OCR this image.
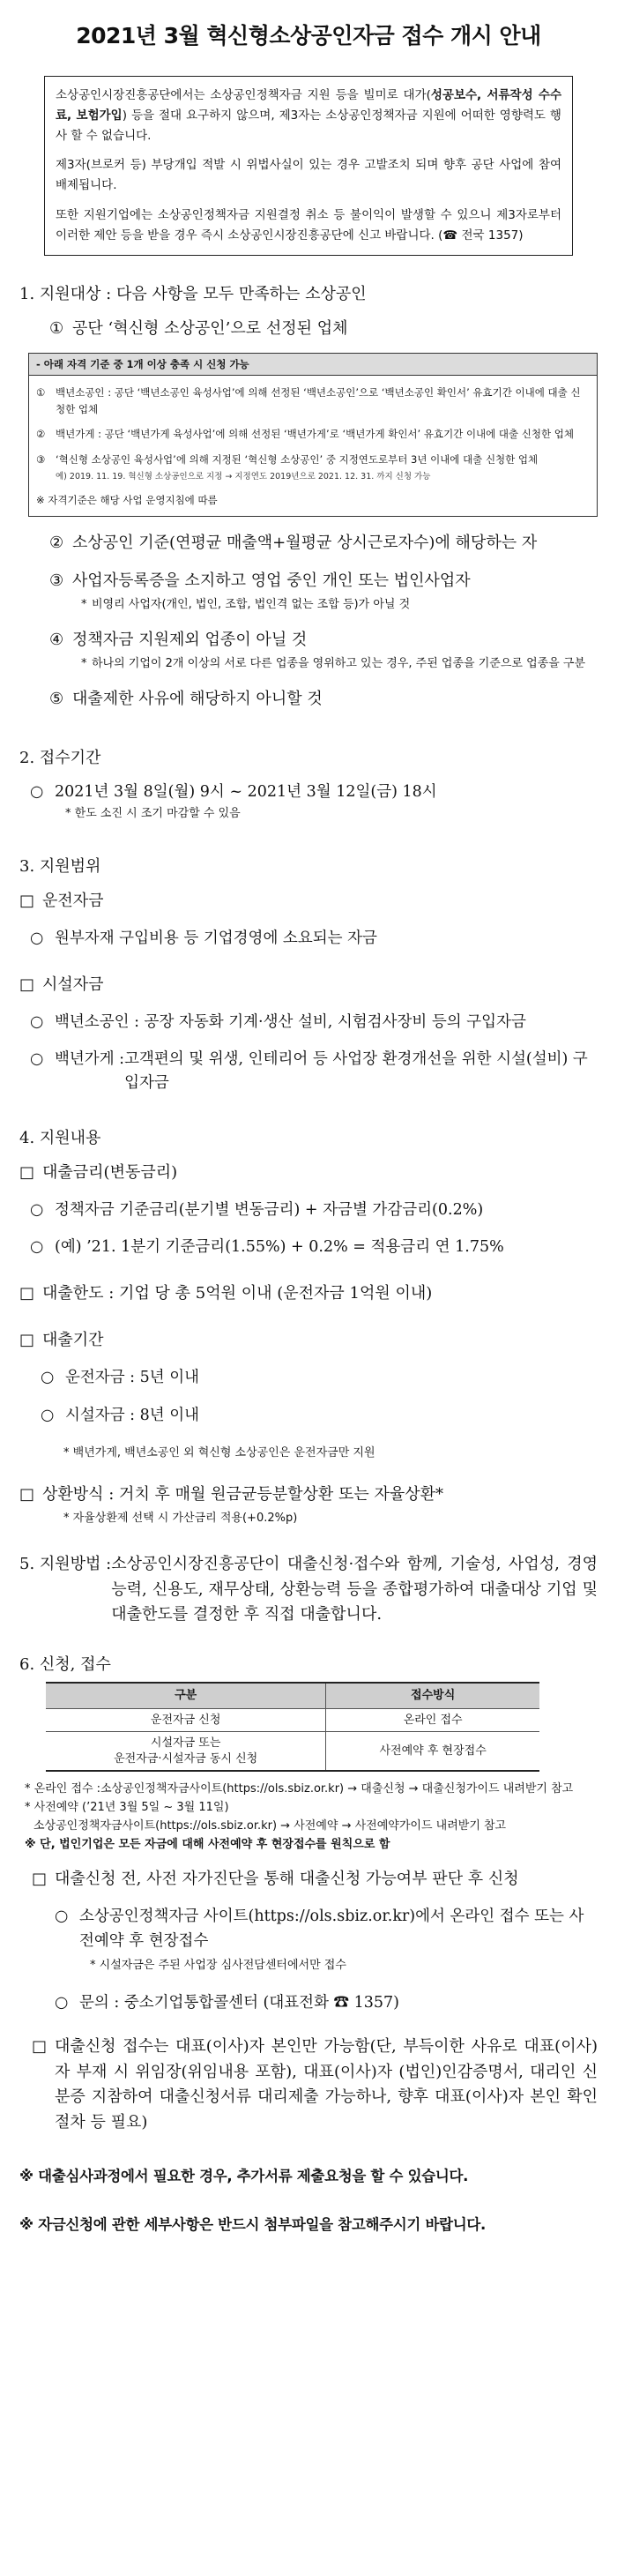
2021년 3월 혁신형소상공인자금 접수 개시 안내

소상공인시장진흥공단에서는 소상공인정책자금 지원 등을 빌미로 대가(성공보수, 서류작성 수수료, 보험가입) 등을 절대 요구하지 않으며, 제3자는 소상공인정책자금 지원에 어떠한 영향력도 행사 할 수 없습니다.

제3자(브로커 등) 부당개입 적발 시 위법사실이 있는 경우 고발조치 되며 향후 공단 사업에 참여 배제됩니다.

또한 지원기업에는 소상공인정책자금 지원결정 취소 등 불이익이 발생할 수 있으니 제3자로부터 이러한 제안 등을 받을 경우 즉시 소상공인시장진흥공단에 신고 바랍니다. (☎ 전국 1357)

1. 지원대상 : 다음 사항을 모두 만족하는 소상공인
① 공단 ‘혁신형 소상공인’으로 선정된 업체
- 아래 자격 기준 중 1개 이상 충족 시 신청 가능
①	백년소공인 : 공단 ‘백년소공인 육성사업’에 의해 선정된 ‘백년소공인’으로 ‘백년소공인 확인서’ 유효기간 이내에 대출 신청한 업체
②	백년가게 : 공단 ‘백년가게 육성사업’에 의해 선정된 ‘백년가게’로 ‘백년가게 확인서’ 유효기간 이내에 대출 신청한 업체
③	‘혁신형 소상공인 육성사업’에 의해 지정된 ‘혁신형 소상공인’ 중 지정연도로부터 3년 이내에 대출 신청한 업체
예) 2019. 11. 19. 혁신형 소상공인으로 지정 → 지정연도 2019년으로 2021. 12. 31. 까지 신청 가능
※ 자격기준은 해당 사업 운영지침에 따름
② 소상공인 기준(연평균 매출액+월평균 상시근로자수)에 해당하는 자
③ 사업자등록증을 소지하고 영업 중인 개인 또는 법인사업자
* 비영리 사업자(개인, 법인, 조합, 법인격 없는 조합 등)가 아닐 것
④ 정책자금 지원제외 업종이 아닐 것
* 하나의 기업이 2개 이상의 서로 다른 업종을 영위하고 있는 경우, 주된 업종을 기준으로 업종을 구분
⑤ 대출제한 사유에 해당하지 아니할 것
2. 접수기간
○ 2021년 3월 8일(월) 9시 ~ 2021년 3월 12일(금) 18시
* 한도 소진 시 조기 마감할 수 있음
3. 지원범위
□ 운전자금
○ 원부자재 구입비용 등 기업경영에 소요되는 자금
□ 시설자금
○ 백년소공인 : 공장 자동화 기계·생산 설비, 시험검사장비 등의 구입자금
○ 백년가게 : 고객편의 및 위생, 인테리어 등 사업장 환경개선을 위한 시설(설비) 구입자금
4. 지원내용
□ 대출금리(변동금리)
○ 정책자금 기준금리(분기별 변동금리) + 자금별 가감금리(0.2%)
○ (예) ’21. 1분기 기준금리(1.55%) + 0.2% = 적용금리 연 1.75%
□ 대출한도 : 기업 당 총 5억원 이내 (운전자금 1억원 이내)
□ 대출기간
○ 운전자금 : 5년 이내
○ 시설자금 : 8년 이내
* 백년가게, 백년소공인 외 혁신형 소상공인은 운전자금만 지원
□ 상환방식 : 거치 후 매월 원금균등분할상환 또는 자율상환*
* 자율상환제 선택 시 가산금리 적용(+0.2%p)
5. 지원방법 : 소상공인시장진흥공단이 대출신청·접수와 함께, 기술성, 사업성, 경영능력, 신용도, 재무상태, 상환능력 등을 종합평가하여 대출대상 기업 및 대출한도를 결정한 후 직접 대출합니다.
6. 신청, 접수
구분	접수방식
운전자금 신청	온라인 접수
시설자금 또는
운전자금·시설자금 동시 신청	사전예약 후 현장접수
* 온라인 접수 : 소상공인정책자금사이트(https://ols.sbiz.or.kr) → 대출신청 → 대출신청가이드 내려받기 참고
* 사전예약 (’21년 3월 5일 ~ 3월 11일)
소상공인정책자금사이트(https://ols.sbiz.or.kr) → 사전예약 → 사전예약가이드 내려받기 참고
※ 단, 법인기업은 모든 자금에 대해 사전예약 후 현장접수를 원칙으로 함
□ 대출신청 전, 사전 자가진단을 통해 대출신청 가능여부 판단 후 신청
○ 소상공인정책자금 사이트(https://ols.sbiz.or.kr)에서 온라인 접수 또는 사전예약 후 현장접수
* 시설자금은 주된 사업장 심사전담센터에서만 접수
○ 문의 : 중소기업통합콜센터 (대표전화 ☎ 1357)
□ 대출신청 접수는 대표(이사)자 본인만 가능함(단, 부득이한 사유로 대표(이사)자 부재 시 위임장(위임내용 포함), 대표(이사)자 (법인)인감증명서, 대리인 신분증 지참하여 대출신청서류 대리제출 가능하나, 향후 대표(이사)자 본인 확인 절차 등 필요)
※ 대출심사과정에서 필요한 경우, 추가서류 제출요청을 할 수 있습니다.
※ 자금신청에 관한 세부사항은 반드시 첨부파일을 참고해주시기 바랍니다.
